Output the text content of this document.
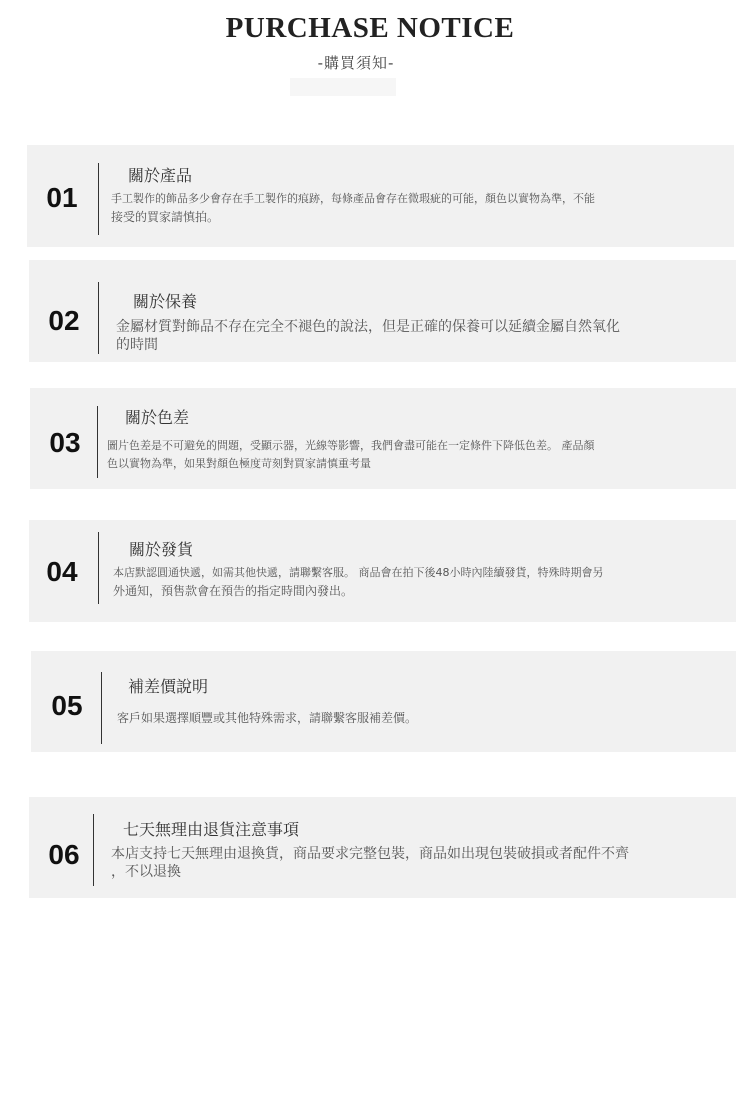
PURCHASE NOTICE
-購買須知-
01
關於產品
手工製作的飾品多少會存在手工製作的痕跡，每條產品會存在微瑕疵的可能，顏色以實物為準，不能
接受的買家請慎拍。
02
關於保養
金屬材質對飾品不存在完全不褪色的說法，但是正確的保養可以延續金屬自然氧化
的時間
03
關於色差
圖片色差是不可避免的問題，受顯示器，光線等影響，我們會盡可能在一定條件下降低色差。 產品顏
色以實物為準，如果對顏色極度苛刻對買家請慎重考量
04
關於發貨
本店默認圓通快遞，如需其他快遞，請聯繫客服。 商品會在拍下後48小時內陸續發貨，特殊時期會另
外通知，預售款會在預告的指定時間內發出。
05
補差價說明
客戶如果選擇順豐或其他特殊需求，請聯繫客服補差價。
06
七天無理由退貨注意事項
本店支持七天無理由退換貨，商品要求完整包裝，商品如出現包裝破損或者配件不齊
，不以退換
